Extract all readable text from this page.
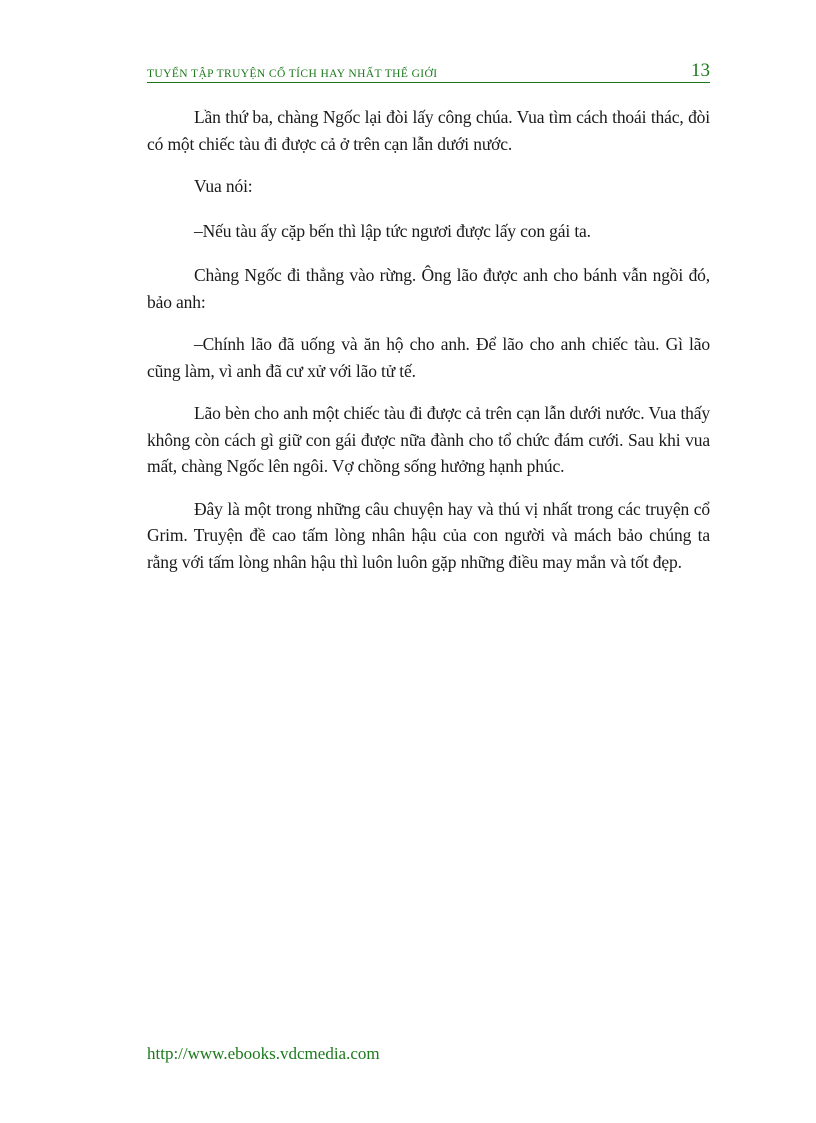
TUYỂN TẬP TRUYỆN CỔ TÍCH HAY NHẤT THẾ GIỚI	13

Lần thứ ba, chàng Ngốc lại đòi lấy công chúa. Vua tìm cách thoái thác, đòi có một chiếc tàu đi được cả ở trên cạn lẫn dưới nước.

Vua nói:

–Nếu tàu ấy cặp bến thì lập tức ngươi được lấy con gái ta.

Chàng Ngốc đi thẳng vào rừng. Ông lão được anh cho bánh vẫn ngồi đó, bảo anh:

–Chính lão đã uống và ăn hộ cho anh. Để lão cho anh chiếc tàu. Gì lão cũng làm, vì anh đã cư xử với lão tử tế.

Lão bèn cho anh một chiếc tàu đi được cả trên cạn lẫn dưới nước. Vua thấy không còn cách gì giữ con gái được nữa đành cho tổ chức đám cưới. Sau khi vua mất, chàng Ngốc lên ngôi. Vợ chồng sống hưởng hạnh phúc.

Đây là một trong những câu chuyện hay và thú vị nhất trong các truyện cổ Grim. Truyện đề cao tấm lòng nhân hậu của con người và mách bảo chúng ta rằng với tấm lòng nhân hậu thì luôn luôn gặp những điều may mắn và tốt đẹp.

http://www.ebooks.vdcmedia.com
